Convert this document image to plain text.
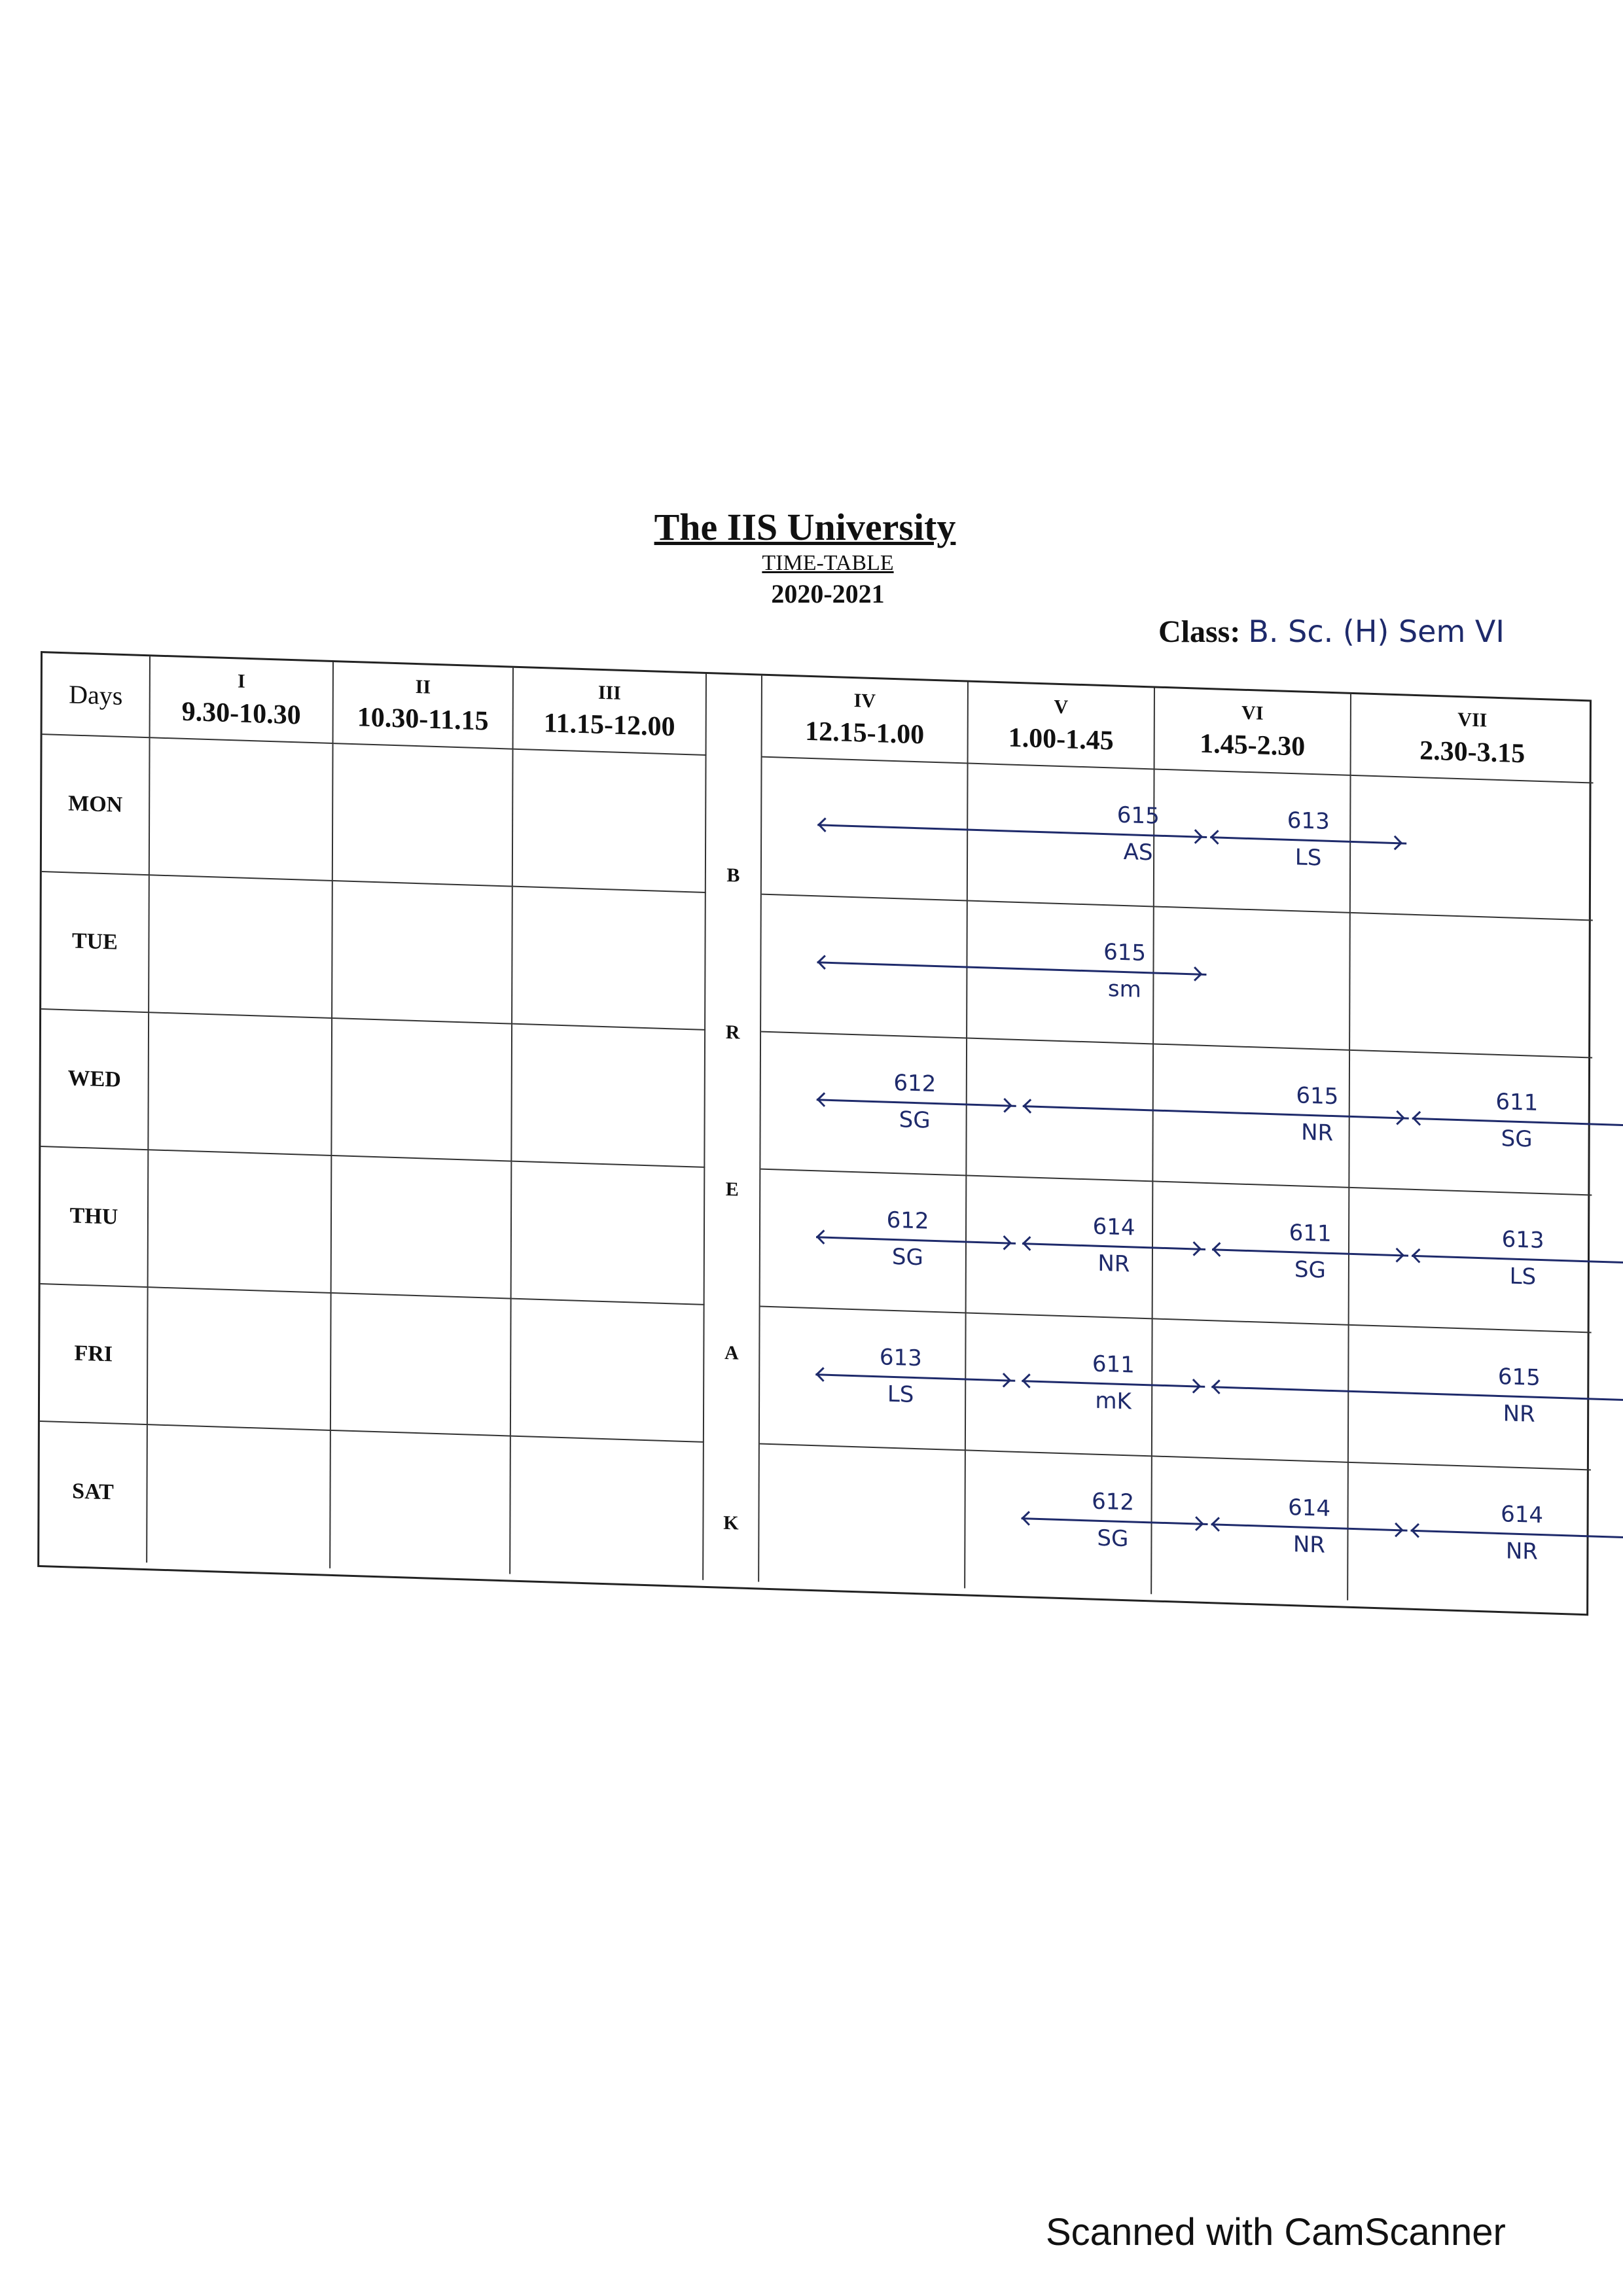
The IIS University
TIME-TABLE
2020-2021
Class: B. Sc. (H) Sem VI
Days	I
9.30-10.30
II
10.30-11.15
III
11.15-12.00
B
R
E
A
K
IV
12.15-1.00
V
1.00-1.45
VI
1.45-2.30
VII
2.30-3.15
MON
TUE
WED
THU
FRI
SAT
615
AS
613
LS
615
sm
612
SG
615
NR
611
SG
612
SG
614
NR
611
SG
613
LS
613
LS
611
mK
615
NR
612
SG
614
NR
614
NR
Scanned with CamScanner
